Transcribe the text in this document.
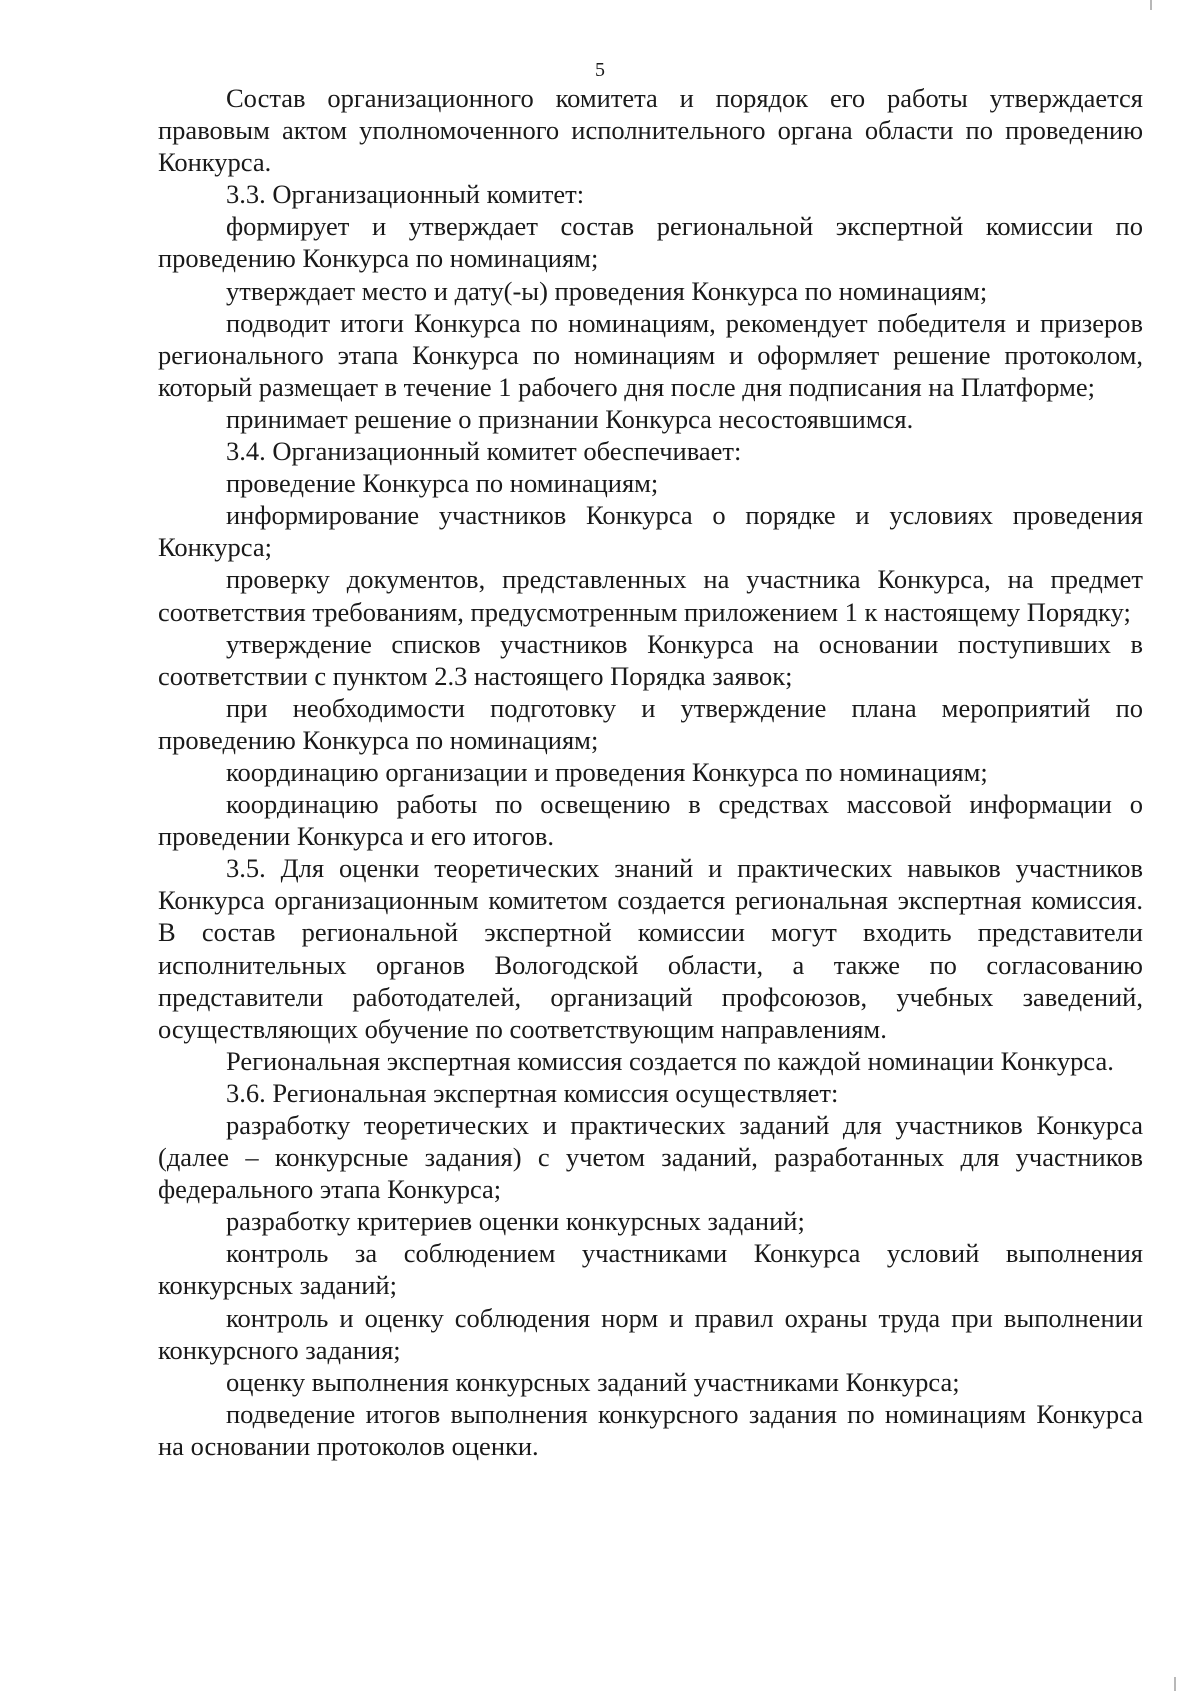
5

Состав организационного комитета и порядок его работы утверждается правовым актом уполномоченного исполнительного органа области по проведению Конкурса.

3.3. Организационный комитет:

формирует и утверждает состав региональной экспертной комиссии по проведению Конкурса по номинациям;

утверждает место и дату(-ы) проведения Конкурса по номинациям;

подводит итоги Конкурса по номинациям, рекомендует победителя и призеров регионального этапа Конкурса по номинациям и оформляет решение протоколом, который размещает в течение 1 рабочего дня после дня подписания на Платформе;

принимает решение о признании Конкурса несостоявшимся.

3.4. Организационный комитет обеспечивает:

проведение Конкурса по номинациям;

информирование участников Конкурса о порядке и условиях проведения Конкурса;

проверку документов, представленных на участника Конкурса, на предмет соответствия требованиям, предусмотренным приложением 1 к настоящему Порядку;

утверждение списков участников Конкурса на основании поступивших в соответствии с пунктом 2.3 настоящего Порядка заявок;

при необходимости подготовку и утверждение плана мероприятий по проведению Конкурса по номинациям;

координацию организации и проведения Конкурса по номинациям;

координацию работы по освещению в средствах массовой информации о проведении Конкурса и его итогов.

3.5. Для оценки теоретических знаний и практических навыков участников Конкурса организационным комитетом создается региональная экспертная комиссия. В состав региональной экспертной комиссии могут входить представители исполнительных органов Вологодской области, а также по согласованию представители работодателей, организаций профсоюзов, учебных заведений, осуществляющих обучение по соответствующим направлениям.

Региональная экспертная комиссия создается по каждой номинации Конкурса.

3.6. Региональная экспертная комиссия осуществляет:

разработку теоретических и практических заданий для участников Конкурса (далее – конкурсные задания) с учетом заданий, разработанных для участников федерального этапа Конкурса;

разработку критериев оценки конкурсных заданий;

контроль за соблюдением участниками Конкурса условий выполнения конкурсных заданий;

контроль и оценку соблюдения норм и правил охраны труда при выполнении конкурсного задания;

оценку выполнения конкурсных заданий участниками Конкурса;

подведение итогов выполнения конкурсного задания по номинациям Конкурса на основании протоколов оценки.
